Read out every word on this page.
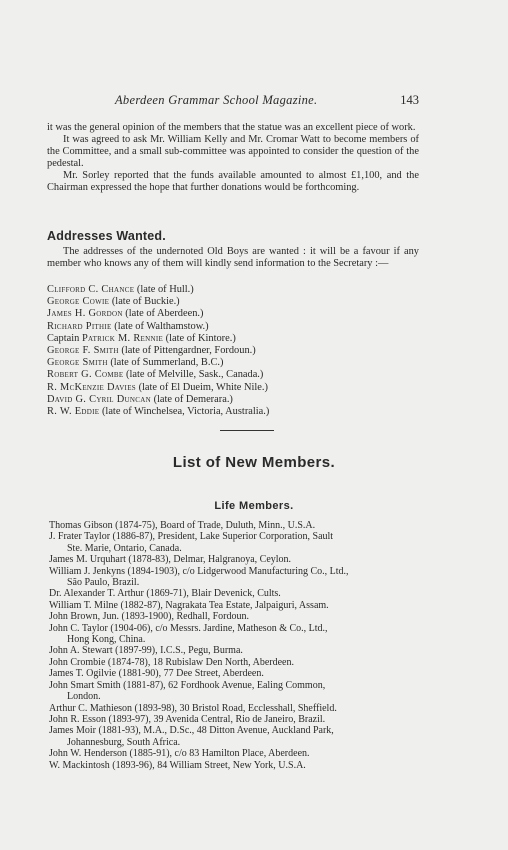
Aberdeen Grammar School Magazine.	143

it was the general opinion of the members that the statue was an excellent piece of work.

It was agreed to ask Mr. William Kelly and Mr. Cromar Watt to become members of the Committee, and a small sub-committee was appointed to consider the question of the pedestal.

Mr. Sorley reported that the funds available amounted to almost £1,100, and the Chairman expressed the hope that further donations would be forthcoming.

Addresses Wanted.

The addresses of the undernoted Old Boys are wanted : it will be a favour if any member who knows any of them will kindly send information to the Secretary :—

Clifford C. Chance (late of Hull.)
George Cowie (late of Buckie.)
James H. Gordon (late of Aberdeen.)
Richard Pithie (late of Walthamstow.)
Captain Patrick M. Rennie (late of Kintore.)
George F. Smith (late of Pittengardner, Fordoun.)
George Smith (late of Summerland, B.C.)
Robert G. Combe (late of Melville, Sask., Canada.)
R. McKenzie Davies (late of El Dueim, White Nile.)
David G. Cyril Duncan (late of Demerara.)
R. W. Eddie (late of Winchelsea, Victoria, Australia.)
List of New Members.
Life Members.
Thomas Gibson (1874-75), Board of Trade, Duluth, Minn., U.S.A.
J. Frater Taylor (1886-87), President, Lake Superior Corporation, Sault
Ste. Marie, Ontario, Canada.
James M. Urquhart (1878-83), Delmar, Halgranoya, Ceylon.
William J. Jenkyns (1894-1903), c/o Lidgerwood Manufacturing Co., Ltd.,
São Paulo, Brazil.
Dr. Alexander T. Arthur (1869-71), Blair Devenick, Cults.
William T. Milne (1882-87), Nagrakata Tea Estate, Jalpaiguri, Assam.
John Brown, Jun. (1893-1900), Redhall, Fordoun.
John C. Taylor (1904-06), c/o Messrs. Jardine, Matheson & Co., Ltd.,
Hong Kong, China.
John A. Stewart (1897-99), I.C.S., Pegu, Burma.
John Crombie (1874-78), 18 Rubislaw Den North, Aberdeen.
James T. Ogilvie (1881-90), 77 Dee Street, Aberdeen.
John Smart Smith (1881-87), 62 Fordhook Avenue, Ealing Common,
London.
Arthur C. Mathieson (1893-98), 30 Bristol Road, Ecclesshall, Sheffield.
John R. Esson (1893-97), 39 Avenida Central, Rio de Janeiro, Brazil.
James Moir (1881-93), M.A., D.Sc., 48 Ditton Avenue, Auckland Park,
Johannesburg, South Africa.
John W. Henderson (1885-91), c/o 83 Hamilton Place, Aberdeen.
W. Mackintosh (1893-96), 84 William Street, New York, U.S.A.
